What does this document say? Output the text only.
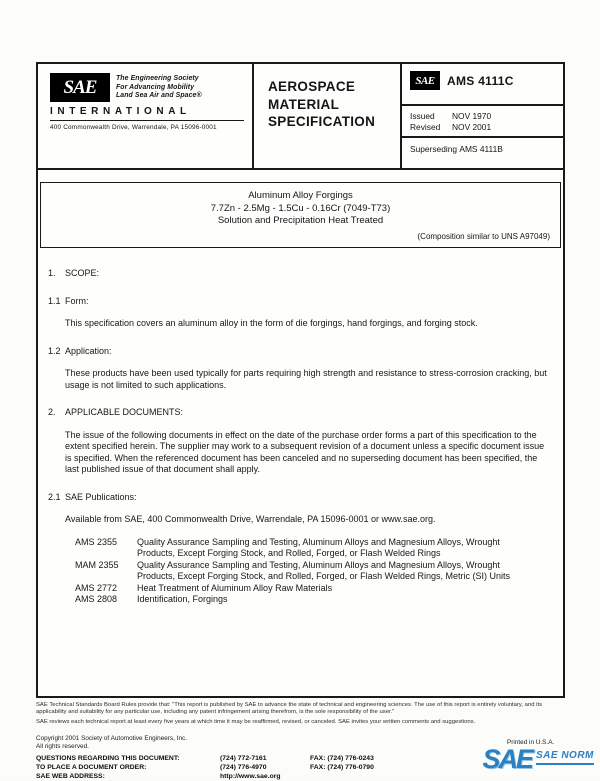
SAE	The Engineering Society
For Advancing Mobility
Land Sea Air and Space®
INTERNATIONAL
400 Commonwealth Drive, Warrendale, PA 15096-0001
AEROSPACE
MATERIAL
SPECIFICATION
SAE	AMS 4111C
Issued	NOV 1970
Revised	NOV 2001
Superseding AMS 4111B
Aluminum Alloy Forgings
7.7Zn - 2.5Mg - 1.5Cu - 0.16Cr (7049-T73)
Solution and Precipitation Heat Treated
(Composition similar to UNS A97049)
1.	SCOPE:
1.1 Form:
This specification covers an aluminum alloy in the form of die forgings, hand forgings, and forging stock.
1.2 Application:
These products have been used typically for parts requiring high strength and resistance to stress-corrosion cracking, but usage is not limited to such applications.
2.	APPLICABLE DOCUMENTS:
The issue of the following documents in effect on the date of the purchase order forms a part of this specification to the extent specified herein. The supplier may work to a subsequent revision of a document unless a specific document issue is specified. When the referenced document has been canceled and no superseding document has been specified, the last published issue of that document shall apply.
2.1 SAE Publications:
Available from SAE, 400 Commonwealth Drive, Warrendale, PA 15096-0001 or www.sae.org.
AMS 2355	Quality Assurance Sampling and Testing, Aluminum Alloys and Magnesium Alloys, Wrought Products, Except Forging Stock, and Rolled, Forged, or Flash Welded Rings
MAM 2355	Quality Assurance Sampling and Testing, Aluminum Alloys and Magnesium Alloys, Wrought Products, Except Forging Stock, and Rolled, Forged, or Flash Welded Rings, Metric (SI) Units
AMS 2772	Heat Treatment of Aluminum Alloy Raw Materials
AMS 2808	Identification, Forgings
SAE Technical Standards Board Rules provide that: "This report is published by SAE to advance the state of technical and engineering sciences. The use of this report is entirely voluntary, and its applicability and suitability for any particular use, including any patent infringement arising therefrom, is the sole responsibility of the user."
SAE reviews each technical report at least every five years at which time it may be reaffirmed, revised, or canceled. SAE invites your written comments and suggestions.
Copyright 2001 Society of Automotive Engineers, Inc.
All rights reserved.
Printed in U.S.A.
QUESTIONS REGARDING THIS DOCUMENT:	(724) 772-7161	FAX: (724) 776-0243
TO PLACE A DOCUMENT ORDER:	(724) 776-4970	FAX: (724) 776-0790
SAE WEB ADDRESS:	http://www.sae.org
SAE SAE NORM
